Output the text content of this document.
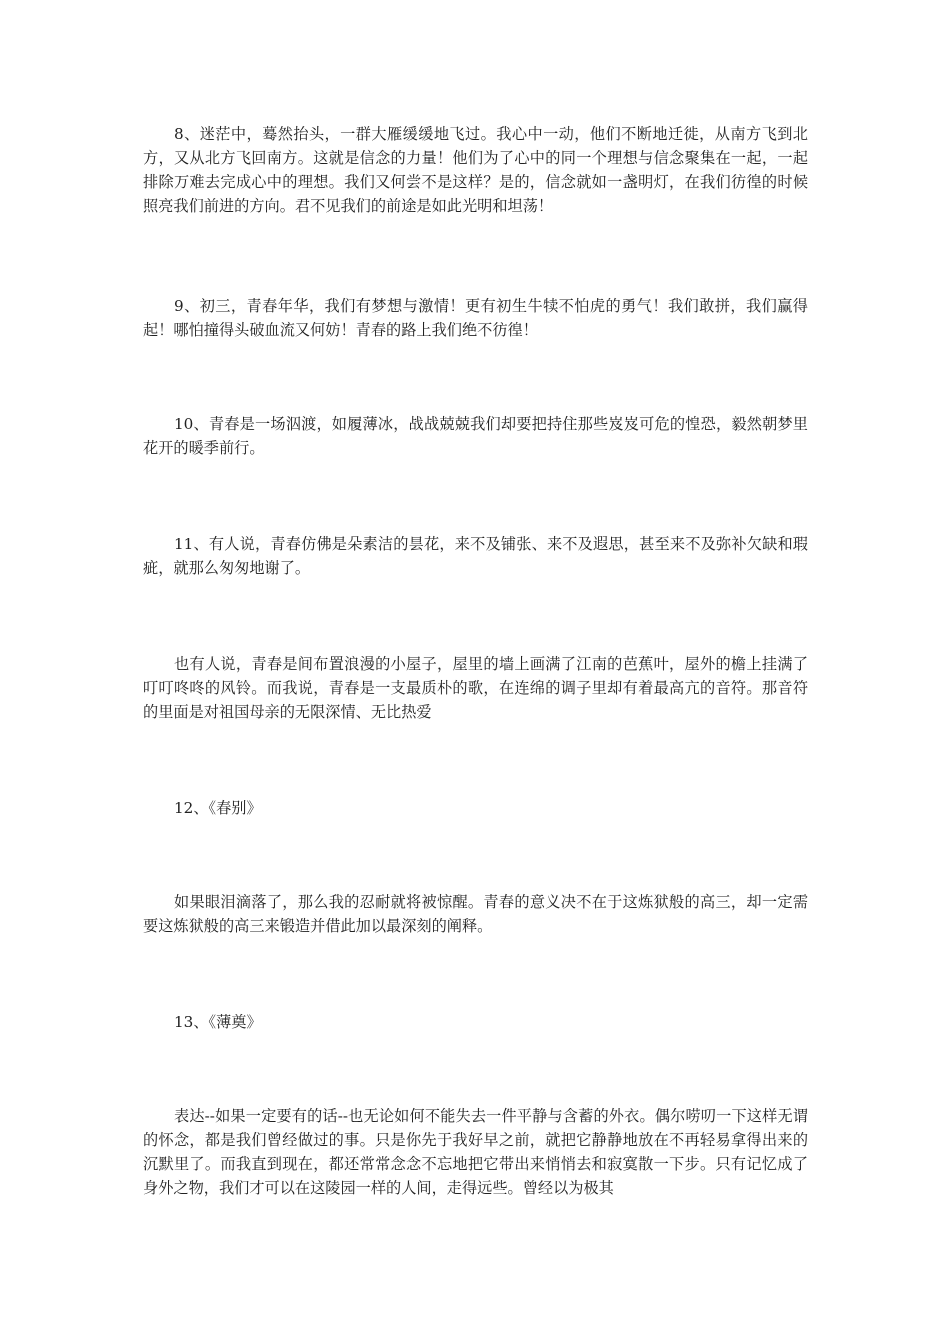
8、迷茫中，蓦然抬头，一群大雁缓缓地飞过。我心中一动，他们不断地迁徙，从南方飞到北方，又从北方飞回南方。这就是信念的力量！他们为了心中的同一个理想与信念聚集在一起，一起排除万难去完成心中的理想。我们又何尝不是这样？是的，信念就如一盏明灯，在我们彷徨的时候照亮我们前进的方向。君不见我们的前途是如此光明和坦荡！

9、初三，青春年华，我们有梦想与激情！更有初生牛犊不怕虎的勇气！我们敢拼，我们赢得起！哪怕撞得头破血流又何妨！青春的路上我们绝不彷徨！

10、青春是一场泅渡，如履薄冰，战战兢兢我们却要把持住那些岌岌可危的惶恐，毅然朝梦里花开的暖季前行。

11、有人说，青春仿佛是朵素洁的昙花，来不及铺张、来不及遐思，甚至来不及弥补欠缺和瑕疵，就那么匆匆地谢了。

也有人说，青春是间布置浪漫的小屋子，屋里的墙上画满了江南的芭蕉叶，屋外的檐上挂满了叮叮咚咚的风铃。而我说，青春是一支最质朴的歌，在连绵的调子里却有着最高亢的音符。那音符的里面是对祖国母亲的无限深情、无比热爱

12、《春别》

如果眼泪滴落了，那么我的忍耐就将被惊醒。青春的意义决不在于这炼狱般的高三，却一定需要这炼狱般的高三来锻造并借此加以最深刻的阐释。

13、《薄奠》

表达--如果一定要有的话--也无论如何不能失去一件平静与含蓄的外衣。偶尔唠叨一下这样无谓的怀念，都是我们曾经做过的事。只是你先于我好早之前，就把它静静地放在不再轻易拿得出来的沉默里了。而我直到现在，都还常常念念不忘地把它带出来悄悄去和寂寞散一下步。只有记忆成了身外之物，我们才可以在这陵园一样的人间，走得远些。曾经以为极其
